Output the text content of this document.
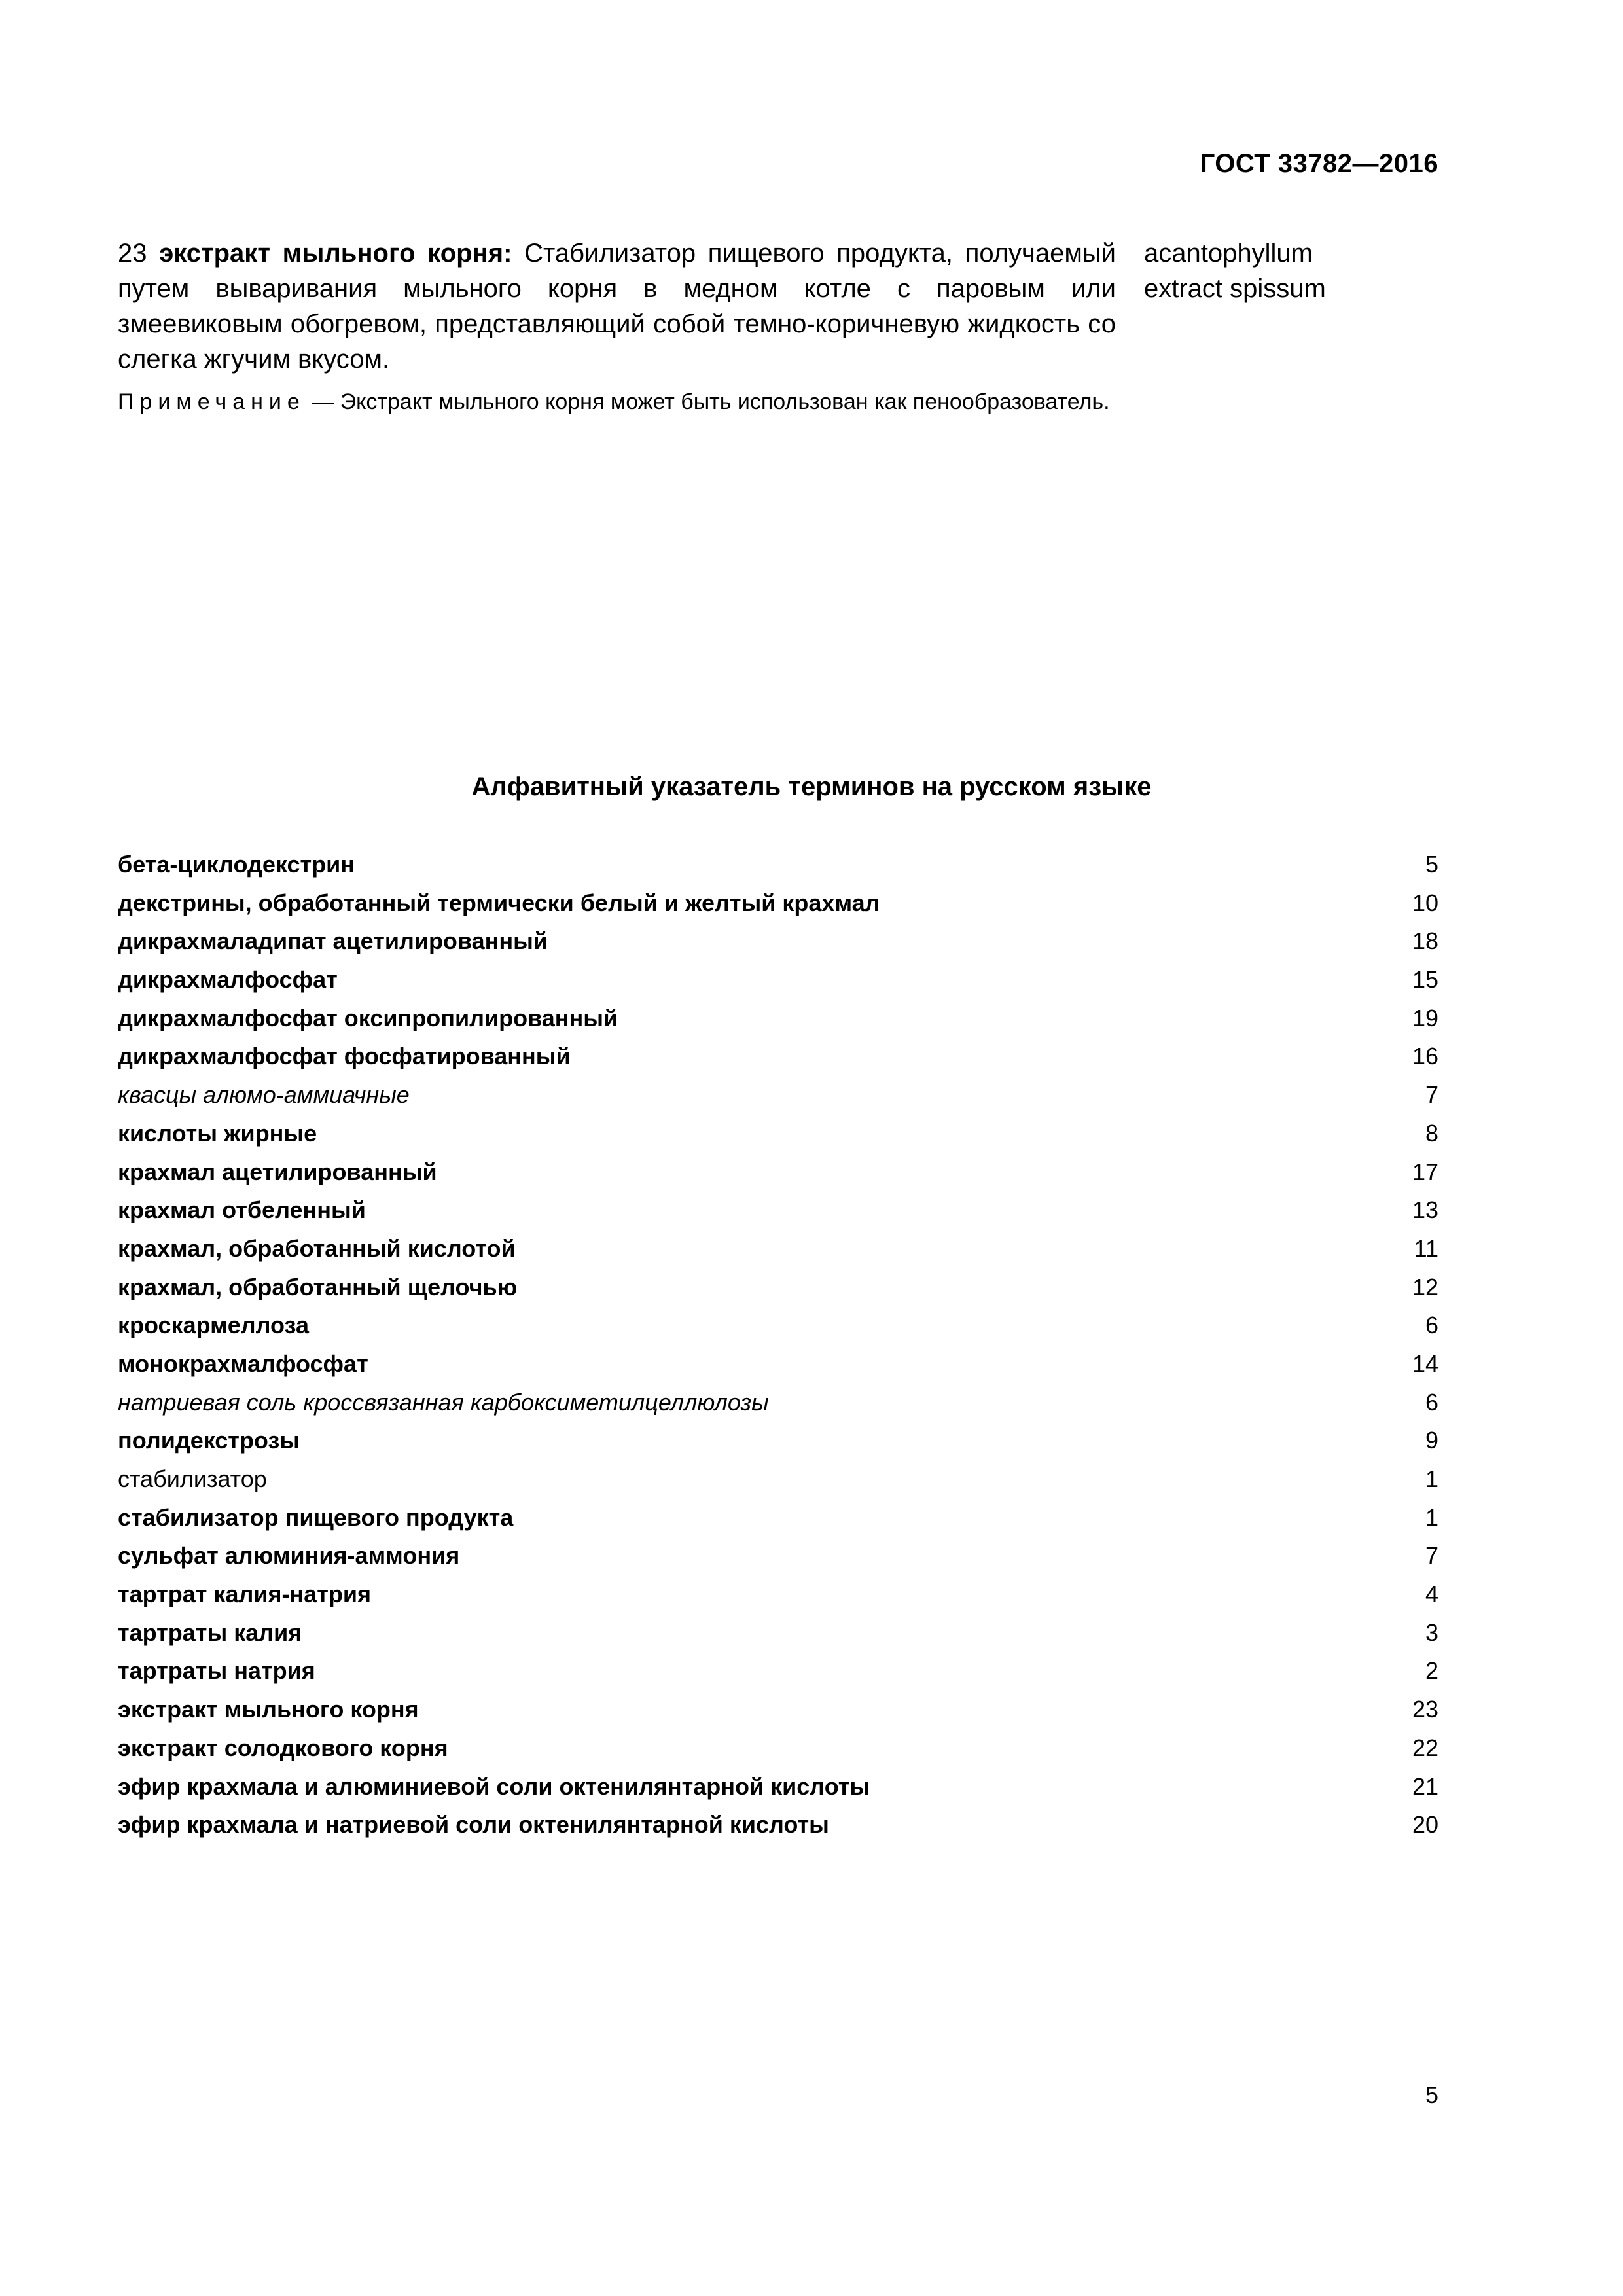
ГОСТ 33782—2016
23 экстракт мыльного корня: Стабилизатор пищевого продукта, получаемый путем вываривания мыльного корня в медном котле с паровым или змеевиковым обогревом, представляющий собой темно-коричневую жидкость со слегка жгучим вкусом.
acantophyllum
extract spissum
Примечание — Экстракт мыльного корня может быть использован как пенообразователь.
Алфавитный указатель терминов на русском языке
бета-циклодекстрин	5
декстрины, обработанный термически белый и желтый крахмал	10
дикрахмаладипат ацетилированный	18
дикрахмалфосфат	15
дикрахмалфосфат оксипропилированный	19
дикрахмалфосфат фосфатированный	16
квасцы алюмо-аммиачные	7
кислоты жирные	8
крахмал ацетилированный	17
крахмал отбеленный	13
крахмал, обработанный кислотой	11
крахмал, обработанный щелочью	12
кроскармеллоза	6
монокрахмалфосфат	14
натриевая соль кроссвязанная карбоксиметилцеллюлозы	6
полидекстрозы	9
стабилизатор	1
стабилизатор пищевого продукта	1
сульфат алюминия-аммония	7
тартрат калия-натрия	4
тартраты калия	3
тартраты натрия	2
экстракт мыльного корня	23
экстракт солодкового корня	22
эфир крахмала и алюминиевой соли октенилянтарной кислоты	21
эфир крахмала и натриевой соли октенилянтарной кислоты	20
5
